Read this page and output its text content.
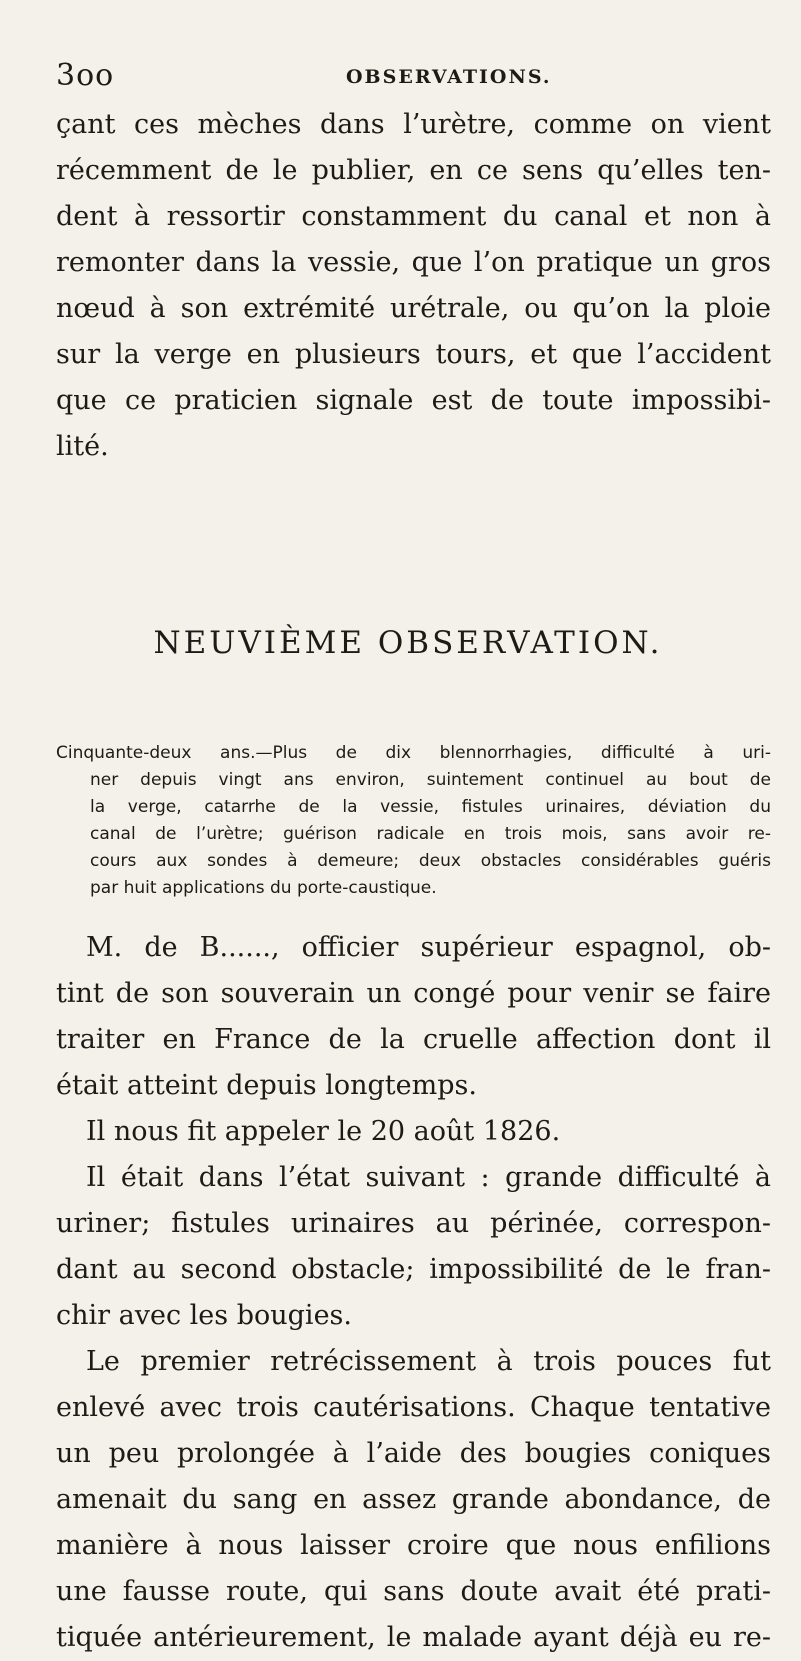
3oo	OBSERVATIONS.
çant ces mèches dans l’urètre, comme on vient
récemment de le publier, en ce sens qu’elles ten-
dent à ressortir constamment du canal et non à
remonter dans la vessie, que l’on pratique un gros
nœud à son extrémité urétrale, ou qu’on la ploie
sur la verge en plusieurs tours, et que l’accident
que ce praticien signale est de toute impossibi-
lité.
NEUVIÈME OBSERVATION.
Cinquante-deux ans.—Plus de dix blennorrhagies, difficulté à uri-
ner depuis vingt ans environ, suintement continuel au bout de
la verge, catarrhe de la vessie, fistules urinaires, déviation du
canal de l’urètre; guérison radicale en trois mois, sans avoir re-
cours aux sondes à demeure; deux obstacles considérables guéris
par huit applications du porte-caustique.
M. de B......, officier supérieur espagnol, ob-
tint de son souverain un congé pour venir se faire
traiter en France de la cruelle affection dont il
était atteint depuis longtemps.
Il nous fit appeler le 20 août 1826.
Il était dans l’état suivant : grande difficulté à
uriner; fistules urinaires au périnée, correspon-
dant au second obstacle; impossibilité de le fran-
chir avec les bougies.
Le premier retrécissement à trois pouces fut
enlevé avec trois cautérisations. Chaque tentative
un peu prolongée à l’aide des bougies coniques
amenait du sang en assez grande abondance, de
manière à nous laisser croire que nous enfilions
une fausse route, qui sans doute avait été prati-
tiquée antérieurement, le malade ayant déjà eu re-
